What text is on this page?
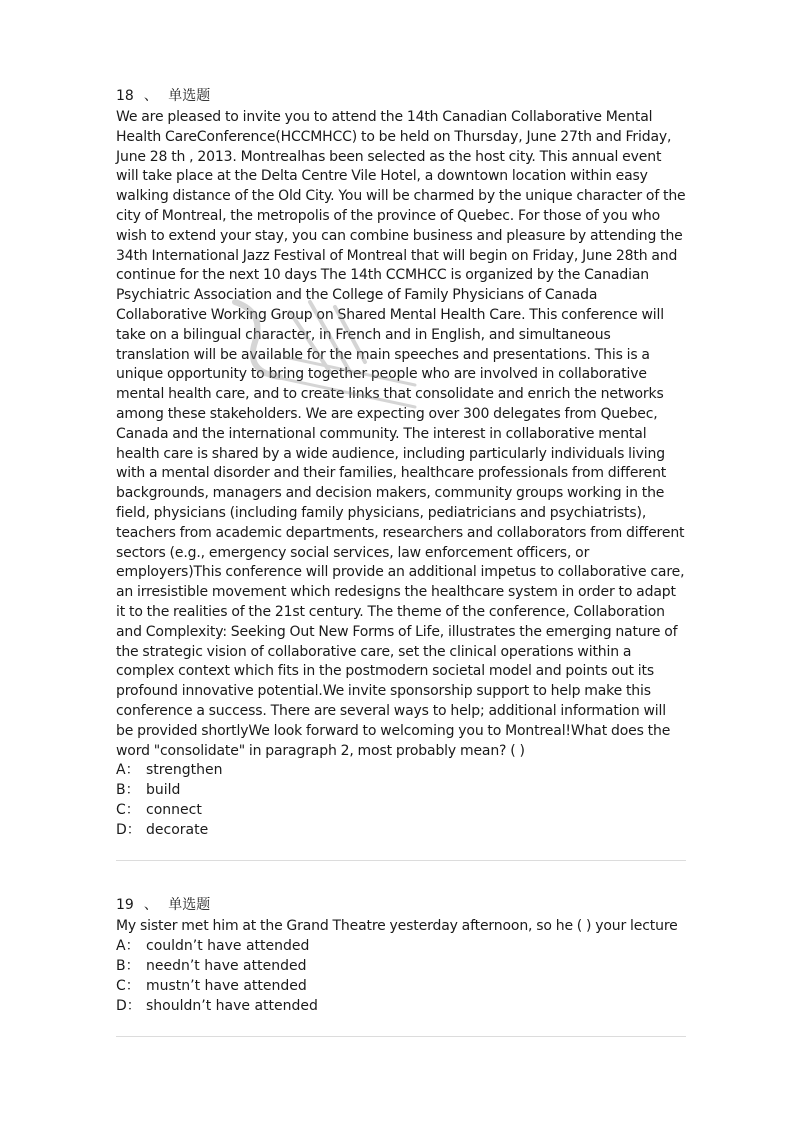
18 、 单选题

We are pleased to invite you to attend the 14th Canadian Collaborative Mental Health CareConference(HCCMHCC) to be held on Thursday, June 27th and Friday, June 28 th , 2013. Montrealhas been selected as the host city. This annual event will take place at the Delta Centre Vile Hotel, a downtown location within easy walking distance of the Old City. You will be charmed by the unique character of the city of Montreal, the metropolis of the province of Quebec. For those of you who wish to extend your stay, you can combine business and pleasure by attending the 34th International Jazz Festival of Montreal that will begin on Friday, June 28th and continue for the next 10 days The 14th CCMHCC is organized by the Canadian Psychiatric Association and the College of Family Physicians of Canada Collaborative Working Group on Shared Mental Health Care. This conference will take on a bilingual character, in French and in English, and simultaneous translation will be available for the main speeches and presentations. This is a unique opportunity to bring together people who are involved in collaborative mental health care, and to create links that consolidate and enrich the networks among these stakeholders. We are expecting over 300 delegates from Quebec, Canada and the international community. The interest in collaborative mental health care is shared by a wide audience, including particularly individuals living with a mental disorder and their families, healthcare professionals from different backgrounds, managers and decision makers, community groups working in the field, physicians (including family physicians, pediatricians and psychiatrists), teachers from academic departments, researchers and collaborators from different sectors (e.g., emergency social services, law enforcement officers, or employers)This conference will provide an additional impetus to collaborative care, an irresistible movement which redesigns the healthcare system in order to adapt it to the realities of the 21st century. The theme of the conference, Collaboration and Complexity: Seeking Out New Forms of Life, illustrates the emerging nature of the strategic vision of collaborative care, set the clinical operations within a complex context which fits in the postmodern societal model and points out its profound innovative potential.We invite sponsorship support to help make this conference a success. There are several ways to help; additional information will be provided shortlyWe look forward to welcoming you to Montreal!What does the word "consolidate" in paragraph 2, most probably mean? ( )

A： strengthen
B： build
C： connect
D： decorate
19 、 单选题

My sister met him at the Grand Theatre yesterday afternoon, so he ( ) your lecture

A： couldn’t have attended
B： needn’t have attended
C： mustn’t have attended
D： shouldn’t have attended
